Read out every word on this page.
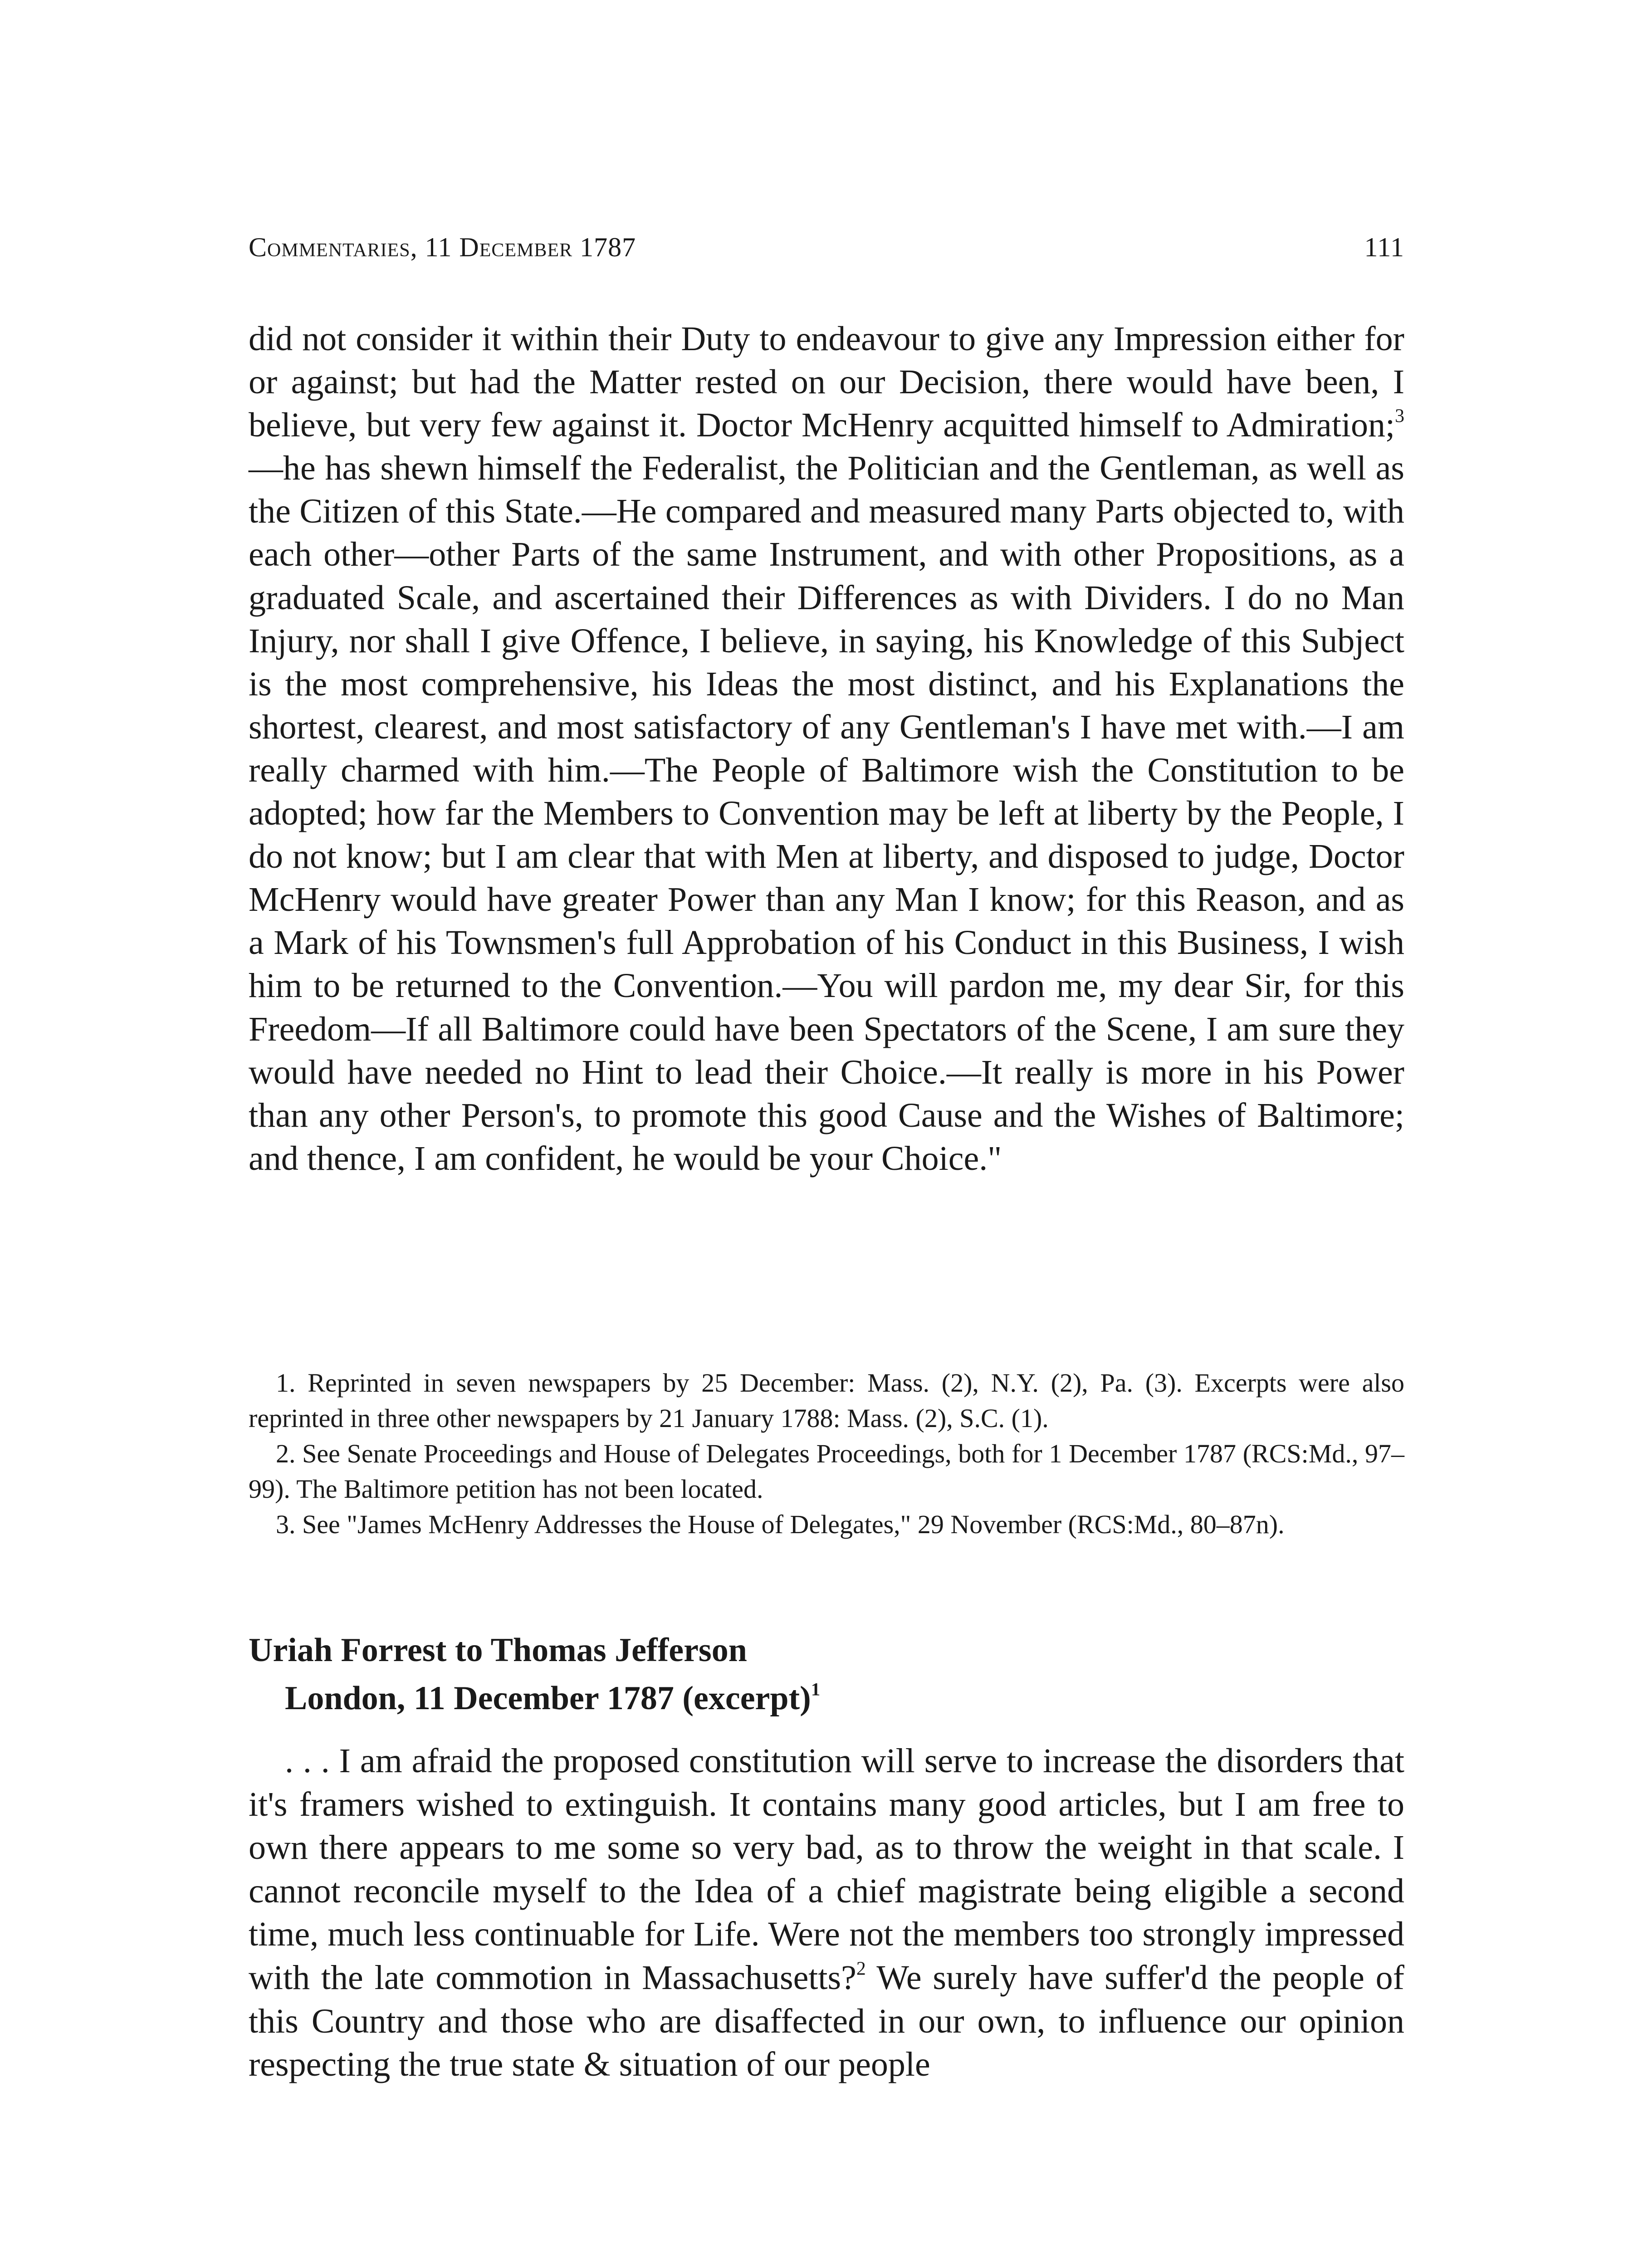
Commentaries, 11 December 1787	111

did not consider it within their Duty to endeavour to give any Impression either for or against; but had the Matter rested on our Decision, there would have been, I believe, but very few against it. Doctor McHenry acquitted himself to Admiration;$^3$—he has shewn himself the Federalist, the Politician and the Gentleman, as well as the Citizen of this State.—He compared and measured many Parts objected to, with each other—other Parts of the same Instrument, and with other Propositions, as a graduated Scale, and ascertained their Differences as with Dividers. I do no Man Injury, nor shall I give Offence, I believe, in saying, his Knowledge of this Subject is the most comprehensive, his Ideas the most distinct, and his Explanations the shortest, clearest, and most satisfactory of any Gentleman's I have met with.—I am really charmed with him.—The People of Baltimore wish the Constitution to be adopted; how far the Members to Convention may be left at liberty by the People, I do not know; but I am clear that with Men at liberty, and disposed to judge, Doctor McHenry would have greater Power than any Man I know; for this Reason, and as a Mark of his Townsmen's full Approbation of his Conduct in this Business, I wish him to be returned to the Convention.—You will pardon me, my dear Sir, for this Freedom—If all Baltimore could have been Spectators of the Scene, I am sure they would have needed no Hint to lead their Choice.—It really is more in his Power than any other Person's, to promote this good Cause and the Wishes of Baltimore; and thence, I am confident, he would be your Choice."

1. Reprinted in seven newspapers by 25 December: Mass. (2), N.Y. (2), Pa. (3). Excerpts were also reprinted in three other newspapers by 21 January 1788: Mass. (2), S.C. (1).

2. See Senate Proceedings and House of Delegates Proceedings, both for 1 December 1787 (RCS:Md., 97–99). The Baltimore petition has not been located.

3. See "James McHenry Addresses the House of Delegates," 29 November (RCS:Md., 80–87n).

Uriah Forrest to Thomas Jefferson
London, 11 December 1787 (excerpt)$^1$

. . . I am afraid the proposed constitution will serve to increase the disorders that it's framers wished to extinguish. It contains many good articles, but I am free to own there appears to me some so very bad, as to throw the weight in that scale. I cannot reconcile myself to the Idea of a chief magistrate being eligible a second time, much less continuable for Life. Were not the members too strongly impressed with the late commotion in Massachusetts?$^2$ We surely have suffer'd the people of this Country and those who are disaffected in our own, to influence our opinion respecting the true state & situation of our people
